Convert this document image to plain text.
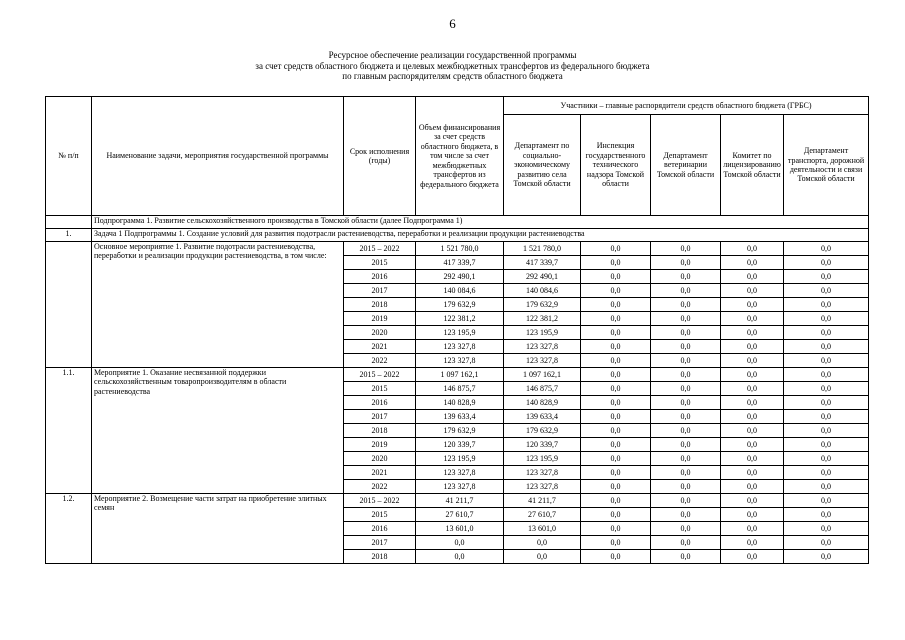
6
Ресурсное обеспечение реализации государственной программы
за счет средств областного бюджета и целевых межбюджетных трансфертов из федерального бюджета
по главным распорядителям средств областного бюджета
№ п/п	Наименование задачи, мероприятия государственной программы	Срок исполнения (годы)	Объем финансирования за счет средств областного бюджета, в том числе за счет межбюджетных трансфертов из федерального бюджета	Участники – главные распорядители средств областного бюджета (ГРБС)				
				Департамент по социально-экономическому развитию села Томской области	Инспекция государственного технического надзора Томской области	Департамент ветеринарии Томской области	Комитет по лицензированию Томской области	Департамент транспорта, дорожной деятельности и связи Томской области
	Подпрограмма 1. Развитие сельскохозяйственного производства в Томской области (далее Подпрограмма 1)							
1.	Задача 1 Подпрограммы 1. Создание условий для развития подотрасли растениеводства, переработки и реализации продукции растениеводства							
	Основное мероприятие 1. Развитие подотрасли растениеводства, переработки и реализации продукции растениеводства, в том числе:	2015 – 2022	1 521 780,0	1 521 780,0	0,0	0,0	0,0	0,0
		2015	417 339,7	417 339,7	0,0	0,0	0,0	0,0
		2016	292 490,1	292 490,1	0,0	0,0	0,0	0,0
		2017	140 084,6	140 084,6	0,0	0,0	0,0	0,0
		2018	179 632,9	179 632,9	0,0	0,0	0,0	0,0
		2019	122 381,2	122 381,2	0,0	0,0	0,0	0,0
		2020	123 195,9	123 195,9	0,0	0,0	0,0	0,0
		2021	123 327,8	123 327,8	0,0	0,0	0,0	0,0
		2022	123 327,8	123 327,8	0,0	0,0	0,0	0,0
1.1.	Мероприятие 1. Оказание несвязанной поддержки сельскохозяйственным товаропроизводителям в области растениеводства	2015 – 2022	1 097 162,1	1 097 162,1	0,0	0,0	0,0	0,0
		2015	146 875,7	146 875,7	0,0	0,0	0,0	0,0
		2016	140 828,9	140 828,9	0,0	0,0	0,0	0,0
		2017	139 633,4	139 633,4	0,0	0,0	0,0	0,0
		2018	179 632,9	179 632,9	0,0	0,0	0,0	0,0
		2019	120 339,7	120 339,7	0,0	0,0	0,0	0,0
		2020	123 195,9	123 195,9	0,0	0,0	0,0	0,0
		2021	123 327,8	123 327,8	0,0	0,0	0,0	0,0
		2022	123 327,8	123 327,8	0,0	0,0	0,0	0,0
1.2.	Мероприятие 2. Возмещение части затрат на приобретение элитных семян	2015 – 2022	41 211,7	41 211,7	0,0	0,0	0,0	0,0
		2015	27 610,7	27 610,7	0,0	0,0	0,0	0,0
		2016	13 601,0	13 601,0	0,0	0,0	0,0	0,0
		2017	0,0	0,0	0,0	0,0	0,0	0,0
		2018	0,0	0,0	0,0	0,0	0,0	0,0
